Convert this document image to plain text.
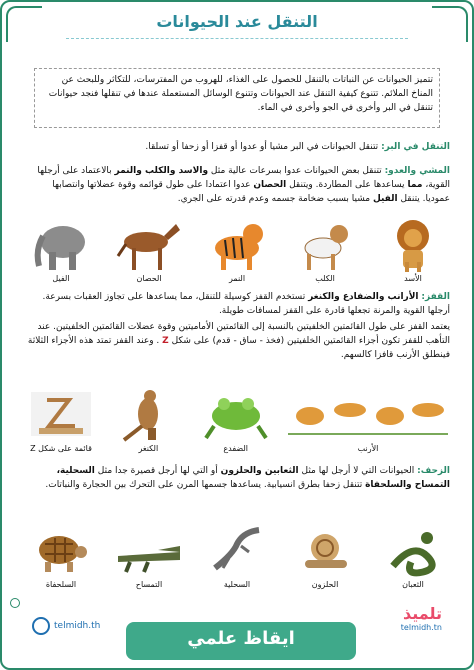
التنقل عند الحيوانات

تتميز الحيوانات عن النباتات بالتنقل للحصول على الغذاء، للهروب من المفترسات، للتكاثر وللبحث عن المناخ الملائم. تتنوع كيفية التنقل عند الحيوانات وتتنوع الوسائل المستعملة عندها في تنقلها فنجد حيوانات تتنقل في البر وأخرى في الجو وأخرى في الماء.

التنقل في البر: تتنقل الحيوانات في البر مشيا أو عدوا أو قفزا أو زحفا أو تسلقا.
المشي والعدو: تتنقل بعض الحيوانات عدوا بسرعات عالية مثل والاسد والكلب والنمر بالاعتماد على أرجلها القوية، مما يساعدها على المطاردة. ويتنقل الحصان عدوا اعتمادا على طول قوائمه وقوة عضلاتها وانتصابها عموديا. يتنقل الفيل مشيا بسبب ضخامة جسمه وعدم قدرته على الجري.
الأسد
الكلب
النمر
الحصان
الفيل
القفز: الأرانب والضفادع والكنغر تستخدم القفز كوسيلة للتنقل، مما يساعدها على تجاوز العقبات بسرعة. أرجلها القوية والمرنة تجعلها قادرة على القفز لمسافات طويلة.
يعتمد القفز على طول القائمتين الخلفيتين بالنسبة إلى القائمتين الأماميتين وقوة عضلات القائمتين الخلفيتين. عند التأهب للقفز تكون أجزاء القائمتين الخلفيتين (فخذ - ساق - قدم) على شكل Z . وعند القفز تمتد هذه الأجزاء الثلاثة فينطلق الأرنب قافزا كالسهم.
الأرنب
الضفدع
الكنغر
قائمة على شكل Z
الزحف: الحيوانات التي لا أرجل لها مثل الثعابين والحلزون أو التي لها أرجل قصيرة جدا مثل السحلية، التمساح والسلحفاة تتنقل زحفا بطرق انسيابية. يساعدها جسمها المرن على التحرك بين الحجارة والنباتات.
الثعبان
الحلزون
السحلية
التمساح
السلحفاة
telmidh.th
تلميذ
telmidh.tn
ايقاظ علمي
